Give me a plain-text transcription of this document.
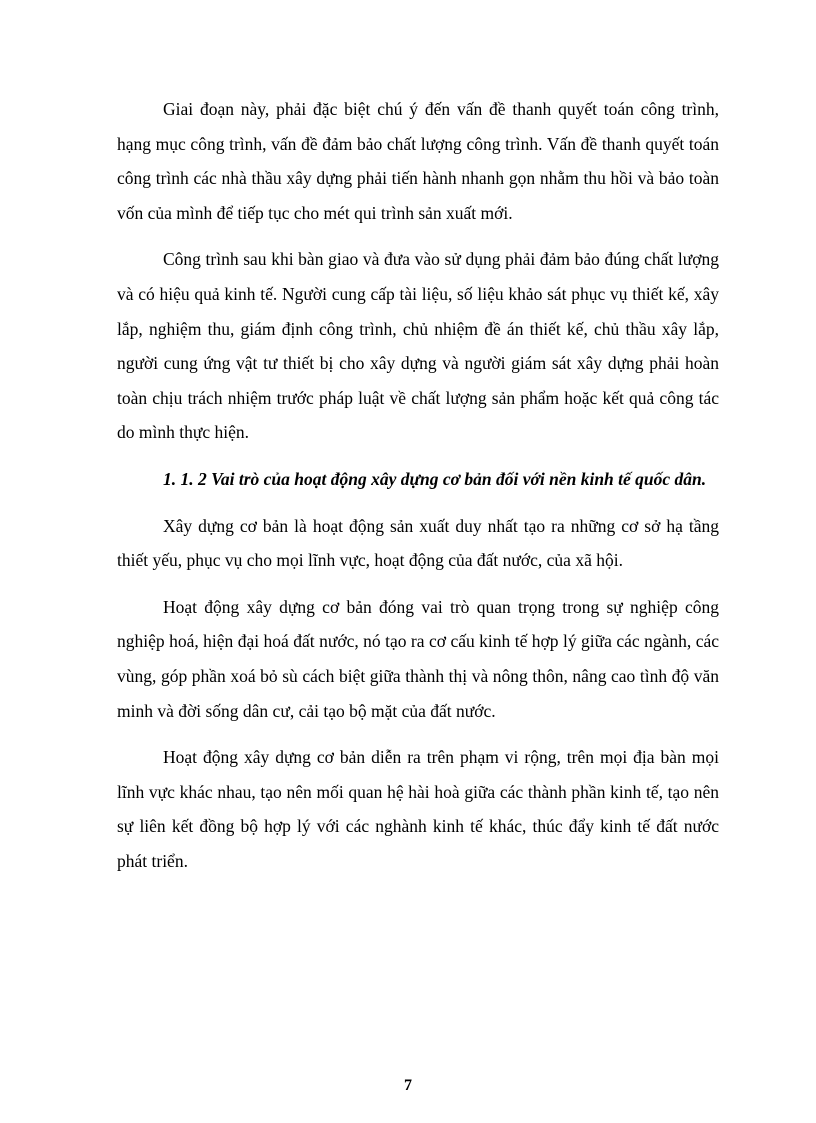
Giai đoạn này, phải đặc biệt chú ý đến vấn đề thanh quyết toán công trình, hạng mục công trình, vấn đề đảm bảo chất lượng công trình. Vấn đề thanh quyết toán công trình các nhà thầu xây dựng phải tiến hành nhanh gọn nhằm thu hồi và bảo toàn vốn của mình để tiếp tục cho mét qui trình sản xuất mới.

Công trình sau khi bàn giao và đưa vào sử dụng phải đảm bảo đúng chất lượng và có hiệu quả kinh tế. Người cung cấp tài liệu, số liệu khảo sát phục vụ thiết kế, xây lắp, nghiệm thu, giám định công trình, chủ nhiệm đề án thiết kế, chủ thầu xây lắp, người cung ứng vật tư thiết bị cho xây dựng và người giám sát xây dựng phải hoàn toàn chịu trách nhiệm trước pháp luật về chất lượng sản phẩm hoặc kết quả công tác do mình thực hiện.

1. 1. 2 Vai trò của hoạt động xây dựng cơ bản đối với nền kinh tế quốc dân.

Xây dựng cơ bản là hoạt động sản xuất duy nhất tạo ra những cơ sở hạ tầng thiết yếu, phục vụ cho mọi lĩnh vực, hoạt động của đất nước, của xã hội.

Hoạt động xây dựng cơ bản đóng vai trò quan trọng trong sự nghiệp công nghiệp hoá, hiện đại hoá đất nước, nó tạo ra cơ cấu kinh tế hợp lý giữa các ngành, các vùng, góp phần xoá bỏ sù cách biệt giữa thành thị và nông thôn, nâng cao tình độ văn minh và đời sống dân cư, cải tạo bộ mặt của đất nước.

Hoạt động xây dựng cơ bản diễn ra trên phạm vi rộng, trên mọi địa bàn mọi lĩnh vực khác nhau, tạo nên mối quan hệ hài hoà giữa các thành phần kinh tế, tạo nên sự liên kết đồng bộ hợp lý với các nghành kinh tế khác, thúc đẩy kinh tế đất nước phát triển.

7
